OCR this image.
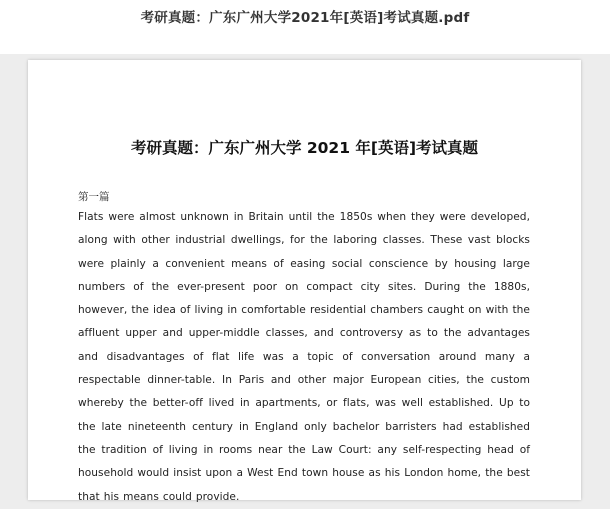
考研真题：广东广州大学2021年[英语]考试真题.pdf
考研真题：广东广州大学 2021 年[英语]考试真题
第一篇
Flats were almost unknown in Britain until the 1850s when they were developed, along with other industrial dwellings, for the laboring classes. These vast blocks were plainly a convenient means of easing social conscience by housing large numbers of the ever-present poor on compact city sites. During the 1880s, however, the idea of living in comfortable residential chambers caught on with the affluent upper and upper-middle classes, and controversy as to the advantages and disadvantages of flat life was a topic of conversation around many a respectable dinner-table. In Paris and other major European cities, the custom whereby the better-off lived in apartments, or flats, was well established. Up to the late nineteenth century in England only bachelor barristers had established the tradition of living in rooms near the Law Court: any self-respecting head of household would insist upon a West End town house as his London home, the best that his means could provide.
